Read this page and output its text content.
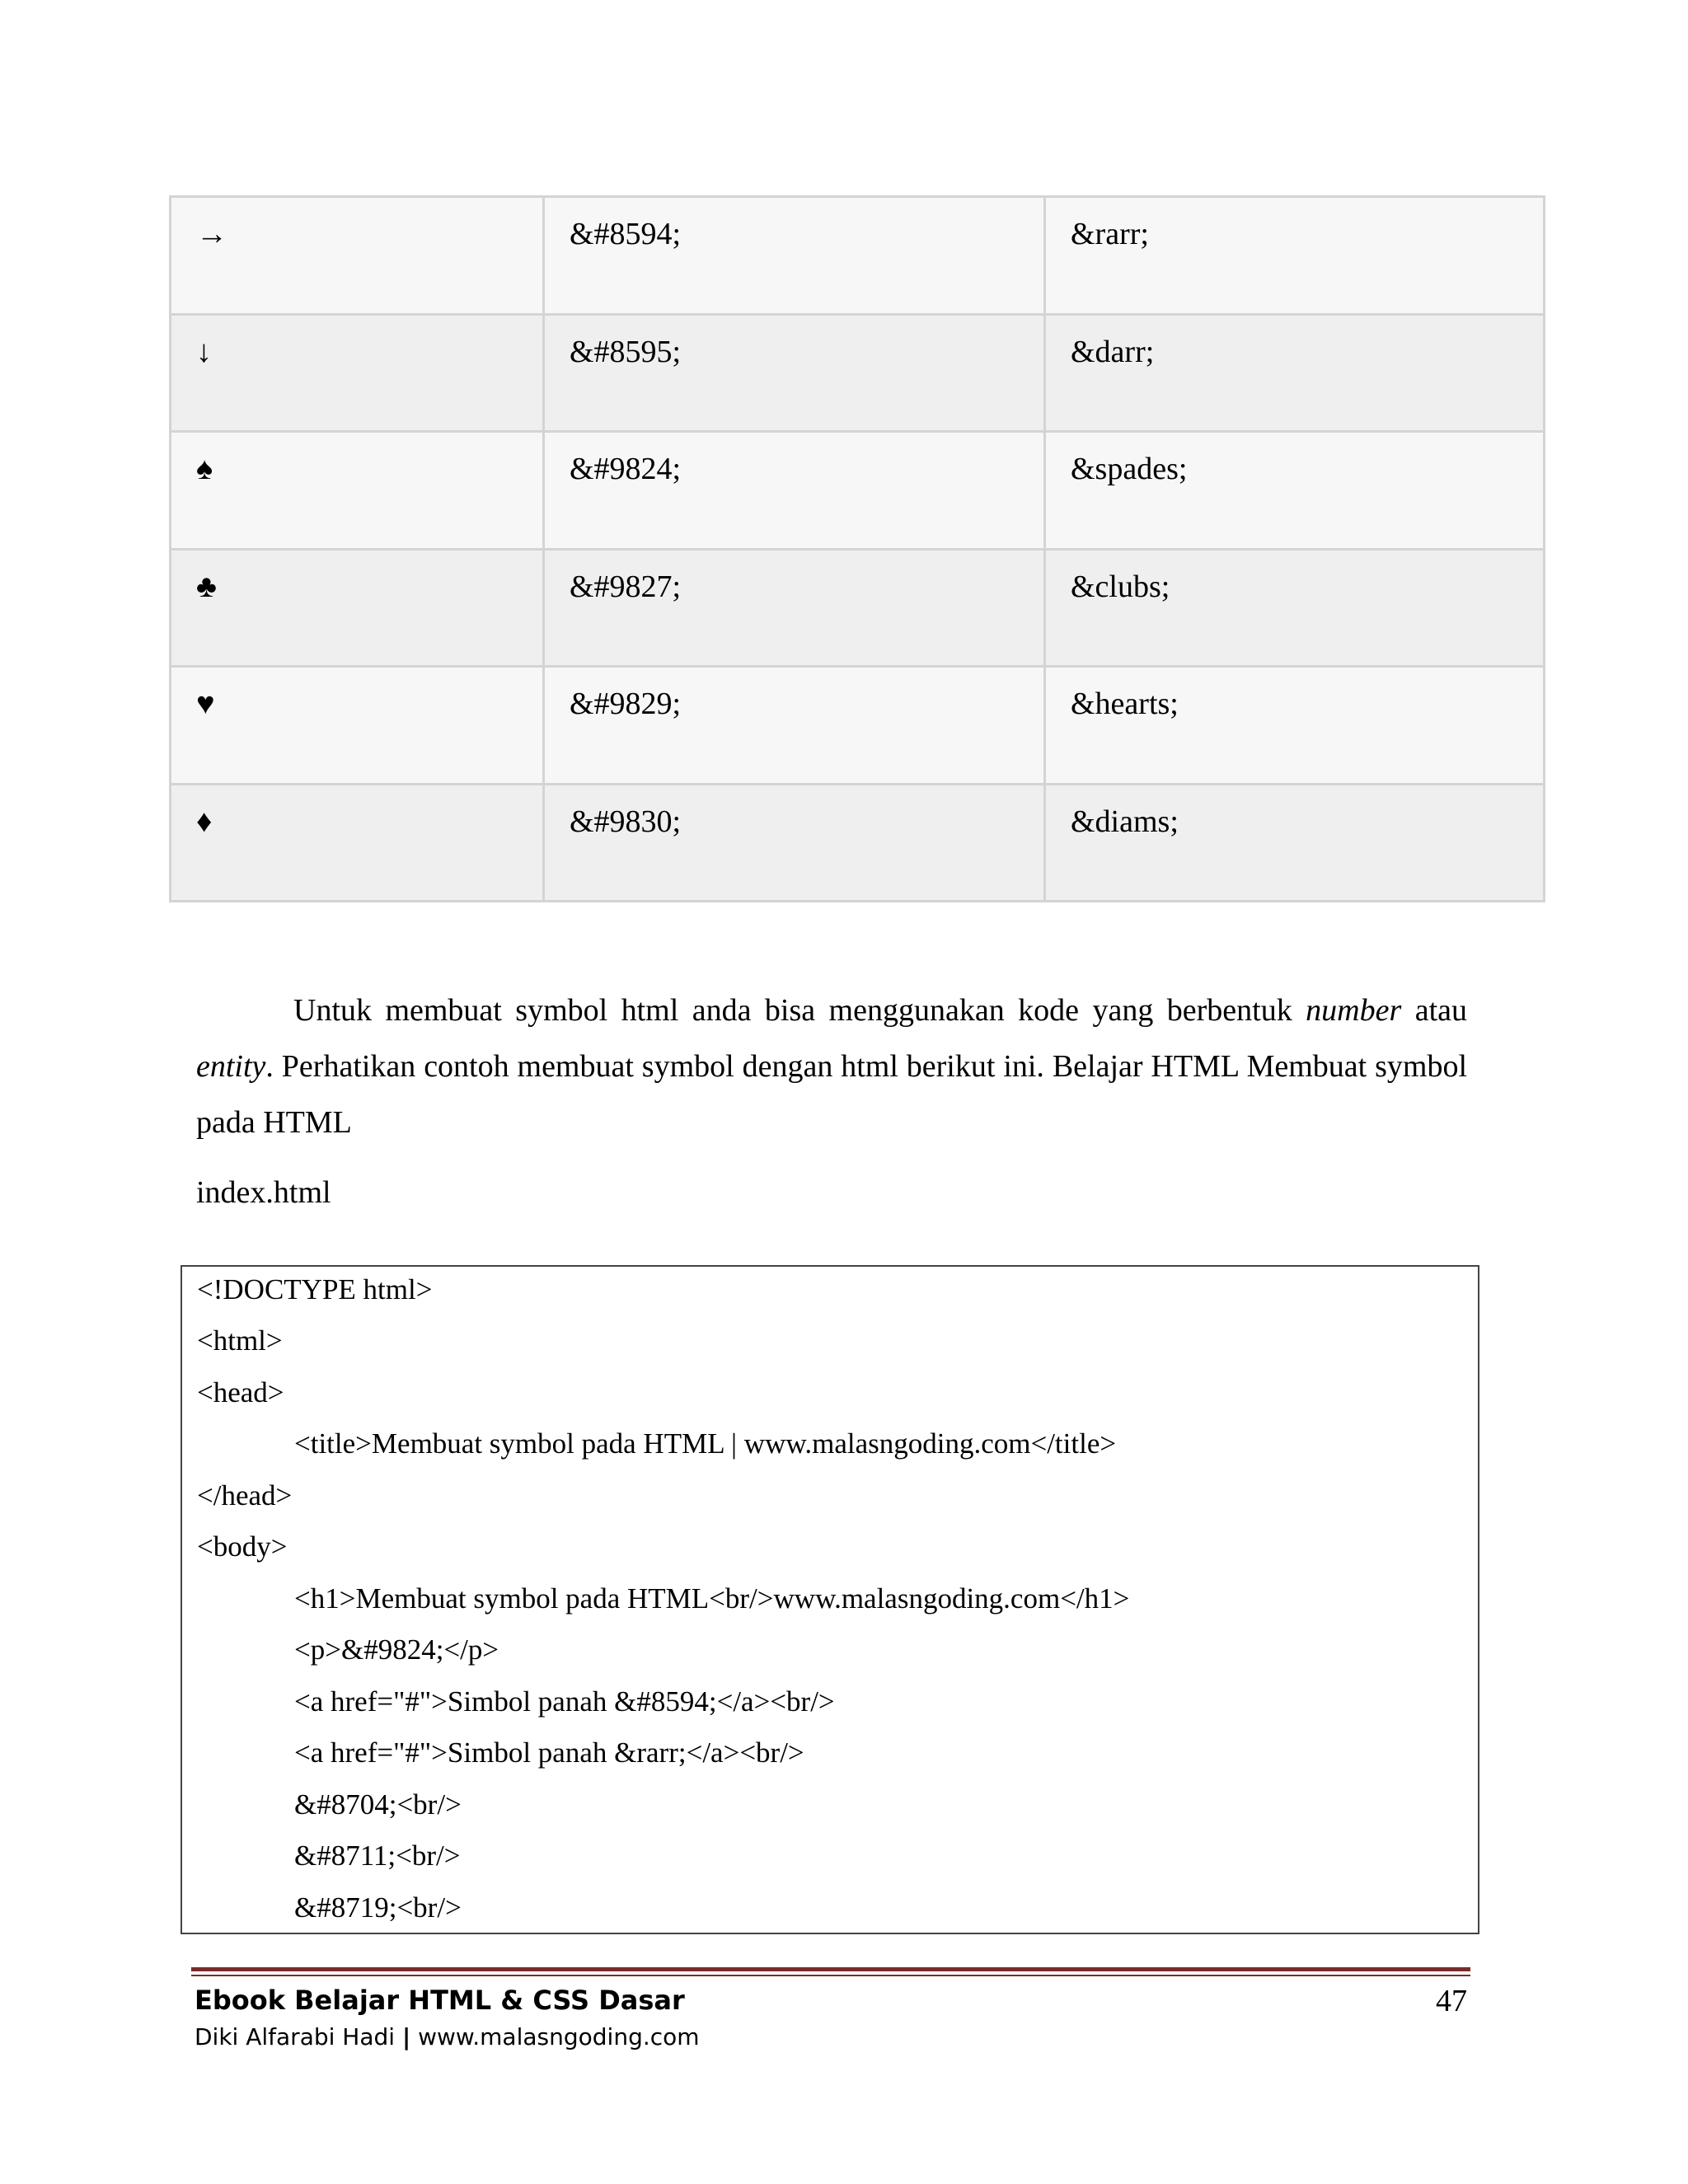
→	&#8594;	&rarr;
↓	&#8595;	&darr;
♠	&#9824;	&spades;
♣	&#9827;	&clubs;
♥	&#9829;	&hearts;
♦	&#9830;	&diams;

Untuk membuat symbol html anda bisa menggunakan kode yang berbentuk number atau entity. Perhatikan contoh membuat symbol dengan html berikut ini. Belajar HTML Membuat symbol pada HTML

index.html
<!DOCTYPE html>
<html>
<head>
<title>Membuat symbol pada HTML | www.malasngoding.com</title>
</head>
<body>
<h1>Membuat symbol pada HTML<br/>www.malasngoding.com</h1>
<p>&#9824;</p>
<a href="#">Simbol panah &#8594;</a><br/>
<a href="#">Simbol panah &rarr;</a><br/>
&#8704;<br/>
&#8711;<br/>
&#8719;<br/>
Ebook Belajar HTML & CSS Dasar
Diki Alfarabi Hadi | www.malasngoding.com
47
